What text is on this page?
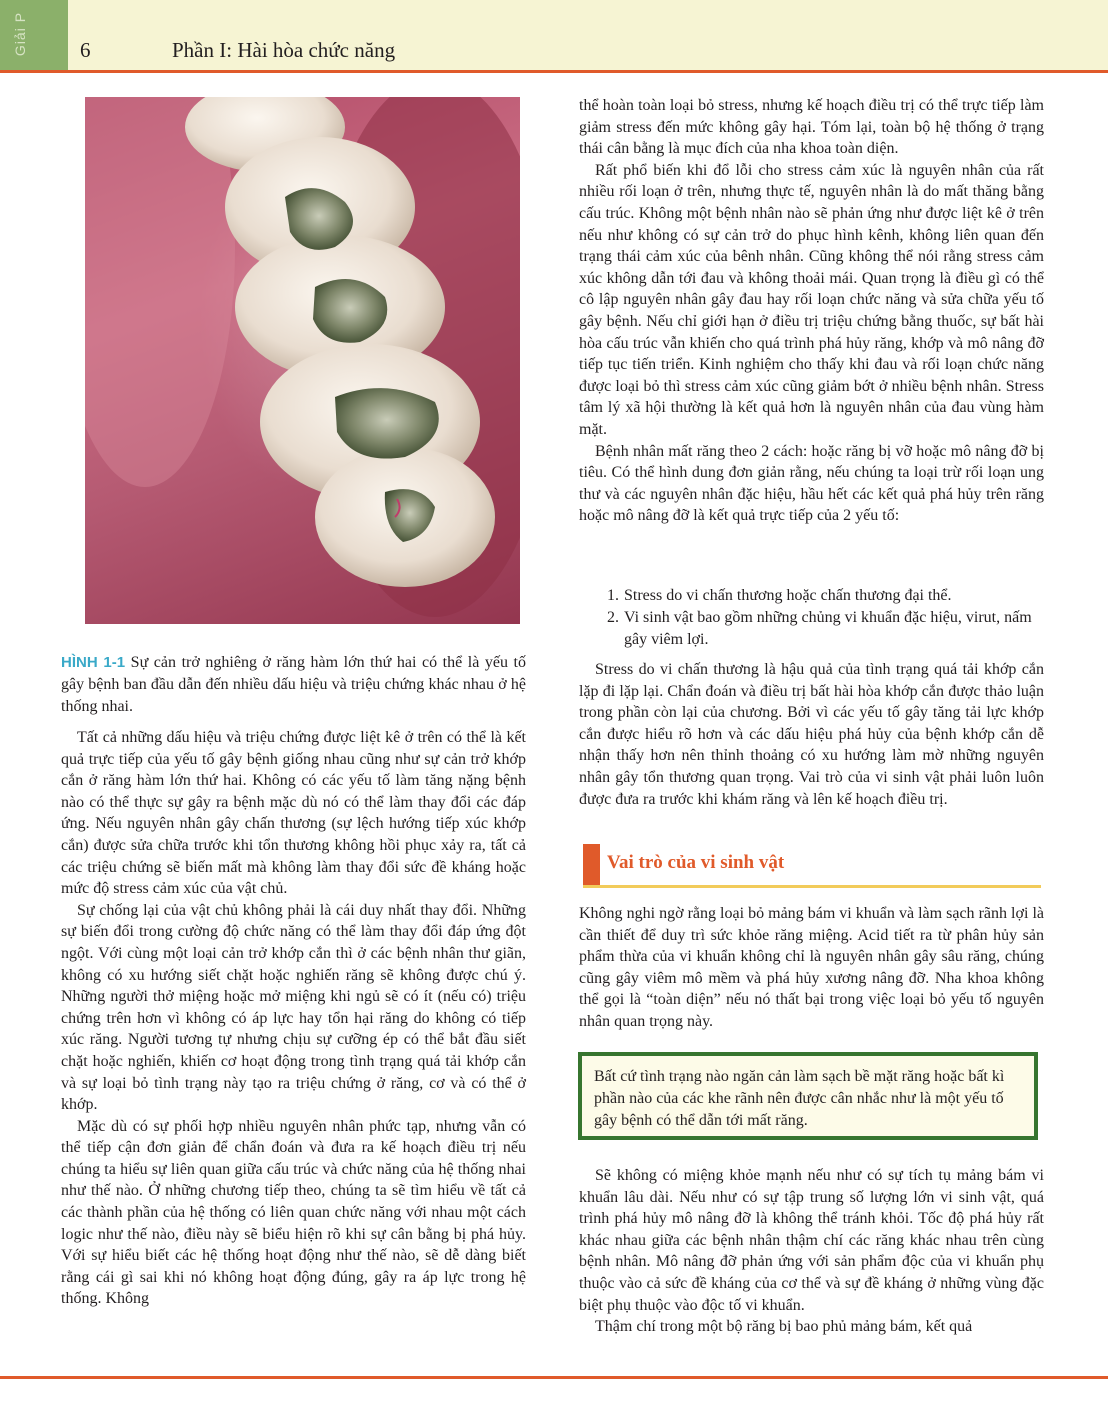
Giải P 6	Phần I: Hài hòa chức năng
HÌNH 1-1 Sự cản trở nghiêng ở răng hàm lớn thứ hai có thể là yếu tố gây bệnh ban đầu dẫn đến nhiều dấu hiệu và triệu chứng khác nhau ở hệ thống nhai.

Tất cả những dấu hiệu và triệu chứng được liệt kê ở trên có thể là kết quả trực tiếp của yếu tố gây bệnh giống nhau cũng như sự cản trở khớp cắn ở răng hàm lớn thứ hai. Không có các yếu tố làm tăng nặng bệnh nào có thể thực sự gây ra bệnh mặc dù nó có thể làm thay đổi các đáp ứng. Nếu nguyên nhân gây chấn thương (sự lệch hướng tiếp xúc khớp cắn) được sửa chữa trước khi tổn thương không hồi phục xảy ra, tất cả các triệu chứng sẽ biến mất mà không làm thay đổi sức đề kháng hoặc mức độ stress cảm xúc của vật chủ.

Sự chống lại của vật chủ không phải là cái duy nhất thay đổi. Những sự biến đổi trong cường độ chức năng có thể làm thay đổi đáp ứng đột ngột. Với cùng một loại cản trở khớp cắn thì ở các bệnh nhân thư giãn, không có xu hướng siết chặt hoặc nghiến răng sẽ không được chú ý. Những người thở miệng hoặc mở miệng khi ngủ sẽ có ít (nếu có) triệu chứng trên hơn vì không có áp lực hay tổn hại răng do không có tiếp xúc răng. Người tương tự nhưng chịu sự cưỡng ép có thể bắt đầu siết chặt hoặc nghiến, khiến cơ hoạt động trong tình trạng quá tải khớp cắn và sự loại bỏ tình trạng này tạo ra triệu chứng ở răng, cơ và có thể ở khớp.

Mặc dù có sự phối hợp nhiều nguyên nhân phức tạp, nhưng vẫn có thể tiếp cận đơn giản để chẩn đoán và đưa ra kế hoạch điều trị nếu chúng ta hiểu sự liên quan giữa cấu trúc và chức năng của hệ thống nhai như thế nào. Ở những chương tiếp theo, chúng ta sẽ tìm hiểu về tất cả các thành phần của hệ thống có liên quan chức năng với nhau một cách logic như thế nào, điều này sẽ biểu hiện rõ khi sự cân bằng bị phá hủy. Với sự hiểu biết các hệ thống hoạt động như thế nào, sẽ dễ dàng biết rằng cái gì sai khi nó không hoạt động đúng, gây ra áp lực trong hệ thống. Không

thể hoàn toàn loại bỏ stress, nhưng kế hoạch điều trị có thể trực tiếp làm giảm stress đến mức không gây hại. Tóm lại, toàn bộ hệ thống ở trạng thái cân bằng là mục đích của nha khoa toàn diện.

Rất phổ biến khi đổ lỗi cho stress cảm xúc là nguyên nhân của rất nhiều rối loạn ở trên, nhưng thực tế, nguyên nhân là do mất thăng bằng cấu trúc. Không một bệnh nhân nào sẽ phản ứng như được liệt kê ở trên nếu như không có sự cản trở do phục hình kênh, không liên quan đến trạng thái cảm xúc của bênh nhân. Cũng không thể nói rằng stress cảm xúc không dẫn tới đau và không thoải mái. Quan trọng là điều gì có thể cô lập nguyên nhân gây đau hay rối loạn chức năng và sửa chữa yếu tố gây bệnh. Nếu chỉ giới hạn ở điều trị triệu chứng bằng thuốc, sự bất hài hòa cấu trúc vẫn khiến cho quá trình phá hủy răng, khớp và mô nâng đỡ tiếp tục tiến triển. Kinh nghiệm cho thấy khi đau và rối loạn chức năng được loại bỏ thì stress cảm xúc cũng giảm bớt ở nhiều bệnh nhân. Stress tâm lý xã hội thường là kết quả hơn là nguyên nhân của đau vùng hàm mặt.

Bệnh nhân mất răng theo 2 cách: hoặc răng bị vỡ hoặc mô nâng đỡ bị tiêu. Có thể hình dung đơn giản rằng, nếu chúng ta loại trừ rối loạn ung thư và các nguyên nhân đặc hiệu, hầu hết các kết quả phá hủy trên răng hoặc mô nâng đỡ là kết quả trực tiếp của 2 yếu tố:

1. Stress do vi chấn thương hoặc chấn thương đại thể.
2. Vi sinh vật bao gồm những chủng vi khuẩn đặc hiệu, virut, nấm gây viêm lợi.

Stress do vi chấn thương là hậu quả của tình trạng quá tải khớp cắn lặp đi lặp lại. Chẩn đoán và điều trị bất hài hòa khớp cắn được thảo luận trong phần còn lại của chương. Bởi vì các yếu tố gây tăng tải lực khớp cắn được hiểu rõ hơn và các dấu hiệu phá hủy của bệnh khớp cắn dễ nhận thấy hơn nên thỉnh thoảng có xu hướng làm mờ những nguyên nhân gây tổn thương quan trọng. Vai trò của vi sinh vật phải luôn luôn được đưa ra trước khi khám răng và lên kế hoạch điều trị.

Vai trò của vi sinh vật

Không nghi ngờ rằng loại bỏ mảng bám vi khuẩn và làm sạch rãnh lợi là cần thiết để duy trì sức khỏe răng miệng. Acid tiết ra từ phân hủy sản phẩm thừa của vi khuẩn không chỉ là nguyên nhân gây sâu răng, chúng cũng gây viêm mô mềm và phá hủy xương nâng đỡ. Nha khoa không thể gọi là “toàn diện” nếu nó thất bại trong việc loại bỏ yếu tố nguyên nhân quan trọng này.

Bất cứ tình trạng nào ngăn cản làm sạch bề mặt răng hoặc bất kì phần nào của các khe rãnh nên được cân nhắc như là một yếu tố gây bệnh có thể dẫn tới mất răng.

Sẽ không có miệng khỏe mạnh nếu như có sự tích tụ mảng bám vi khuẩn lâu dài. Nếu như có sự tập trung số lượng lớn vi sinh vật, quá trình phá hủy mô nâng đỡ là không thể tránh khỏi. Tốc độ phá hủy rất khác nhau giữa các bệnh nhân thậm chí các răng khác nhau trên cùng bệnh nhân. Mô nâng đỡ phản ứng với sản phẩm độc của vi khuẩn phụ thuộc vào cả sức đề kháng của cơ thể và sự đề kháng ở những vùng đặc biệt phụ thuộc vào độc tố vi khuẩn.

Thậm chí trong một bộ răng bị bao phủ mảng bám, kết quả
